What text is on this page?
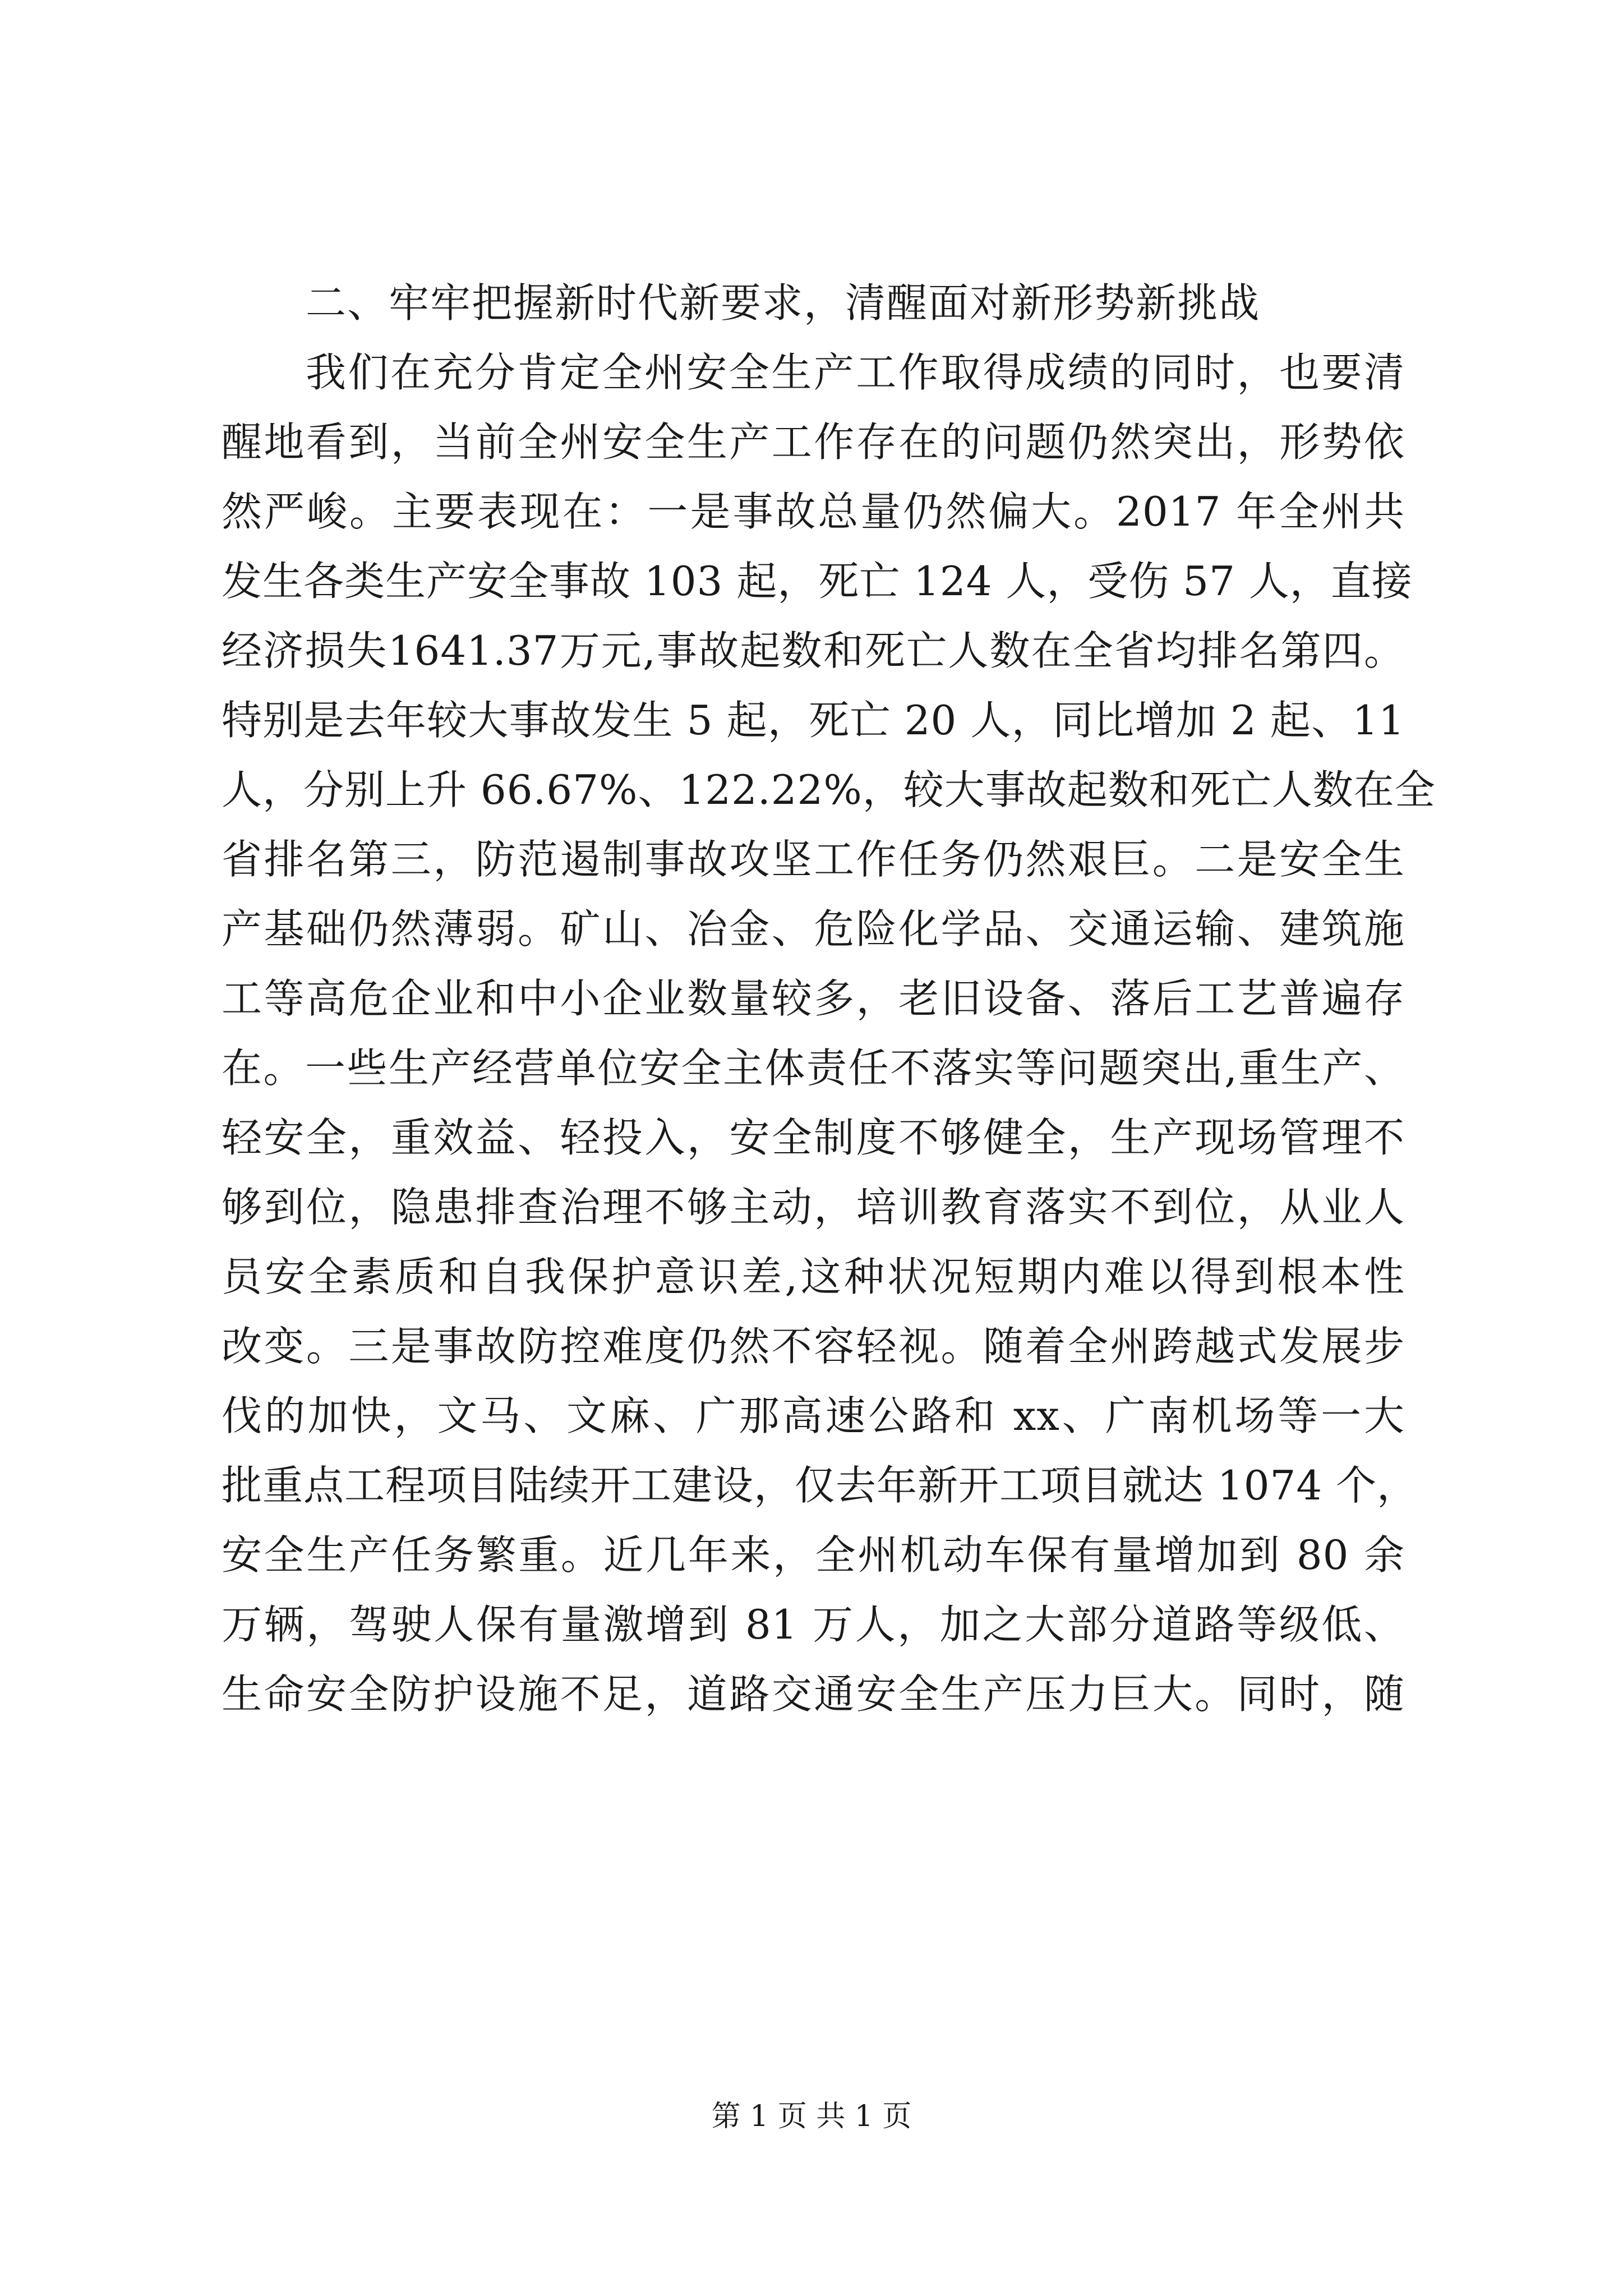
二、牢牢把握新时代新要求，清醒面对新形势新挑战
我们在充分肯定全州安全生产工作取得成绩的同时，也要清
醒地看到，当前全州安全生产工作存在的问题仍然突出，形势依
然严峻。主要表现在：一是事故总量仍然偏大。2017 年全州共
发生各类生产安全事故 103 起，死亡 124 人，受伤 57 人，直接
经济损失1641.37万元,事故起数和死亡人数在全省均排名第四。
特别是去年较大事故发生 5 起，死亡 20 人，同比增加 2 起、11
人，分别上升 66.67%、122.22%，较大事故起数和死亡人数在全
省排名第三，防范遏制事故攻坚工作任务仍然艰巨。二是安全生
产基础仍然薄弱。矿山、冶金、危险化学品、交通运输、建筑施
工等高危企业和中小企业数量较多，老旧设备、落后工艺普遍存
在。一些生产经营单位安全主体责任不落实等问题突出,重生产、
轻安全，重效益、轻投入，安全制度不够健全，生产现场管理不
够到位，隐患排查治理不够主动，培训教育落实不到位，从业人
员安全素质和自我保护意识差,这种状况短期内难以得到根本性
改变。三是事故防控难度仍然不容轻视。随着全州跨越式发展步
伐的加快，文马、文麻、广那高速公路和 xx、广南机场等一大
批重点工程项目陆续开工建设，仅去年新开工项目就达 1074 个，
安全生产任务繁重。近几年来，全州机动车保有量增加到 80 余
万辆，驾驶人保有量激增到 81 万人，加之大部分道路等级低、
生命安全防护设施不足，道路交通安全生产压力巨大。同时，随
第 1 页 共 1 页
